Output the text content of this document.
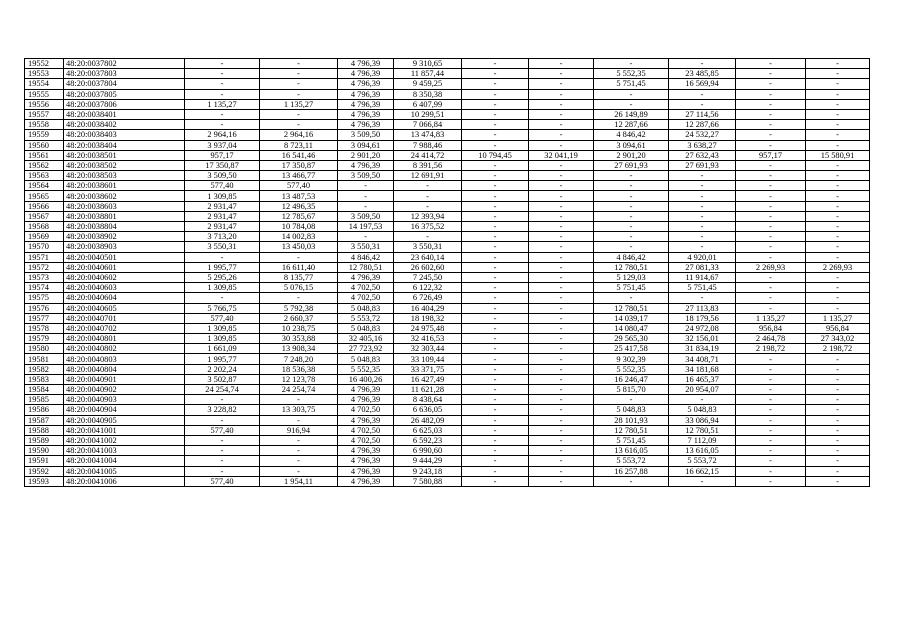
19552	48:20:0037802	-	-	4 796,39	9 310,65	-	-	-	-	-	-
19553	48:20:0037803	-	-	4 796,39	11 857,44	-	-	5 552,35	23 485,85	-	-
19554	48:20:0037804	-	-	4 796,39	9 459,25	-	-	5 751,45	16 569,94	-	-
19555	48:20:0037805	-	-	4 796,39	8 350,38	-	-	-	-	-	-
19556	48:20:0037806	1 135,27	1 135,27	4 796,39	6 407,99	-	-	-	-	-	-
19557	48:20:0038401	-	-	4 796,39	10 299,51	-	-	26 149,89	27 114,56	-	-
19558	48:20:0038402	-	-	4 796,39	7 066,84	-	-	12 287,66	12 287,66	-	-
19559	48:20:0038403	2 964,16	2 964,16	3 509,50	13 474,83	-	-	4 846,42	24 532,27	-	-
19560	48:20:0038404	3 937,04	8 723,11	3 094,61	7 988,46	-	-	3 094,61	3 638,27	-	-
19561	48:20:0038501	957,17	16 541,46	2 901,20	24 414,72	10 794,45	32 041,19	2 901,20	27 632,43	957,17	15 580,91
19562	48:20:0038502	17 350,87	17 350,87	4 796,39	8 391,56	-	-	27 691,93	27 691,93	-	-
19563	48:20:0038503	3 509,50	13 466,77	3 509,50	12 691,91	-	-	-	-	-	-
19564	48:20:0038601	577,40	577,40	-	-	-	-	-	-	-	-
19565	48:20:0038602	1 309,85	13 487,53	-	-	-	-	-	-	-	-
19566	48:20:0038603	2 931,47	12 496,35	-	-	-	-	-	-	-	-
19567	48:20:0038801	2 931,47	12 785,67	3 509,50	12 393,94	-	-	-	-	-	-
19568	48:20:0038804	2 931,47	10 784,08	14 197,53	16 375,52	-	-	-	-	-	-
19569	48:20:0038902	3 713,20	14 002,83	-	-	-	-	-	-	-	-
19570	48:20:0038903	3 550,31	13 450,03	3 550,31	3 550,31	-	-	-	-	-	-
19571	48:20:0040501	-	-	4 846,42	23 640,14	-	-	4 846,42	4 920,01	-	-
19572	48:20:0040601	1 995,77	16 611,40	12 780,51	26 602,60	-	-	12 780,51	27 081,33	2 269,93	2 269,93
19573	48:20:0040602	5 295,26	8 135,77	4 796,39	7 245,50	-	-	5 129,03	11 914,67	-	-
19574	48:20:0040603	1 309,85	5 076,15	4 702,50	6 122,32	-	-	5 751,45	5 751,45	-	-
19575	48:20:0040604	-	-	4 702,50	6 726,49	-	-	-	-	-	-
19576	48:20:0040605	5 766,75	5 792,38	5 048,83	16 404,29	-	-	12 780,51	27 113,83	-	-
19577	48:20:0040701	577,40	2 660,37	5 553,72	18 198,32	-	-	14 039,17	18 179,56	1 135,27	1 135,27
19578	48:20:0040702	1 309,85	10 238,75	5 048,83	24 975,48	-	-	14 080,47	24 972,08	956,84	956,84
19579	48:20:0040801	1 309,85	30 353,88	32 405,16	32 416,53	-	-	29 565,30	32 156,01	2 464,78	27 343,02
19580	48:20:0040802	1 661,09	13 908,34	27 723,92	32 303,44	-	-	25 417,58	31 834,19	2 198,72	2 198,72
19581	48:20:0040803	1 995,77	7 248,20	5 048,83	33 109,44	-	-	9 302,39	34 408,71	-	-
19582	48:20:0040804	2 202,24	18 536,38	5 552,35	33 371,75	-	-	5 552,35	34 181,68	-	-
19583	48:20:0040901	3 502,87	12 123,78	16 400,26	16 427,49	-	-	16 246,47	16 465,37	-	-
19584	48:20:0040902	24 254,74	24 254,74	4 796,39	11 621,28	-	-	5 815,70	20 954,07	-	-
19585	48:20:0040903	-	-	4 796,39	8 438,64	-	-	-	-	-	-
19586	48:20:0040904	3 228,82	13 303,75	4 702,50	6 636,05	-	-	5 048,83	5 048,83	-	-
19587	48:20:0040905	-	-	4 796,39	26 482,09	-	-	28 101,93	33 086,94	-	-
19588	48:20:0041001	577,40	916,94	4 702,50	6 625,03	-	-	12 780,51	12 780,51	-	-
19589	48:20:0041002	-	-	4 702,50	6 592,23	-	-	5 751,45	7 112,09	-	-
19590	48:20:0041003	-	-	4 796,39	6 990,60	-	-	13 616,05	13 616,05	-	-
19591	48:20:0041004	-	-	4 796,39	9 444,29	-	-	5 553,72	5 553,72	-	-
19592	48:20:0041005	-	-	4 796,39	9 243,18	-	-	16 257,88	16 662,15	-	-
19593	48:20:0041006	577,40	1 954,11	4 796,39	7 580,88	-	-	-	-	-	-
